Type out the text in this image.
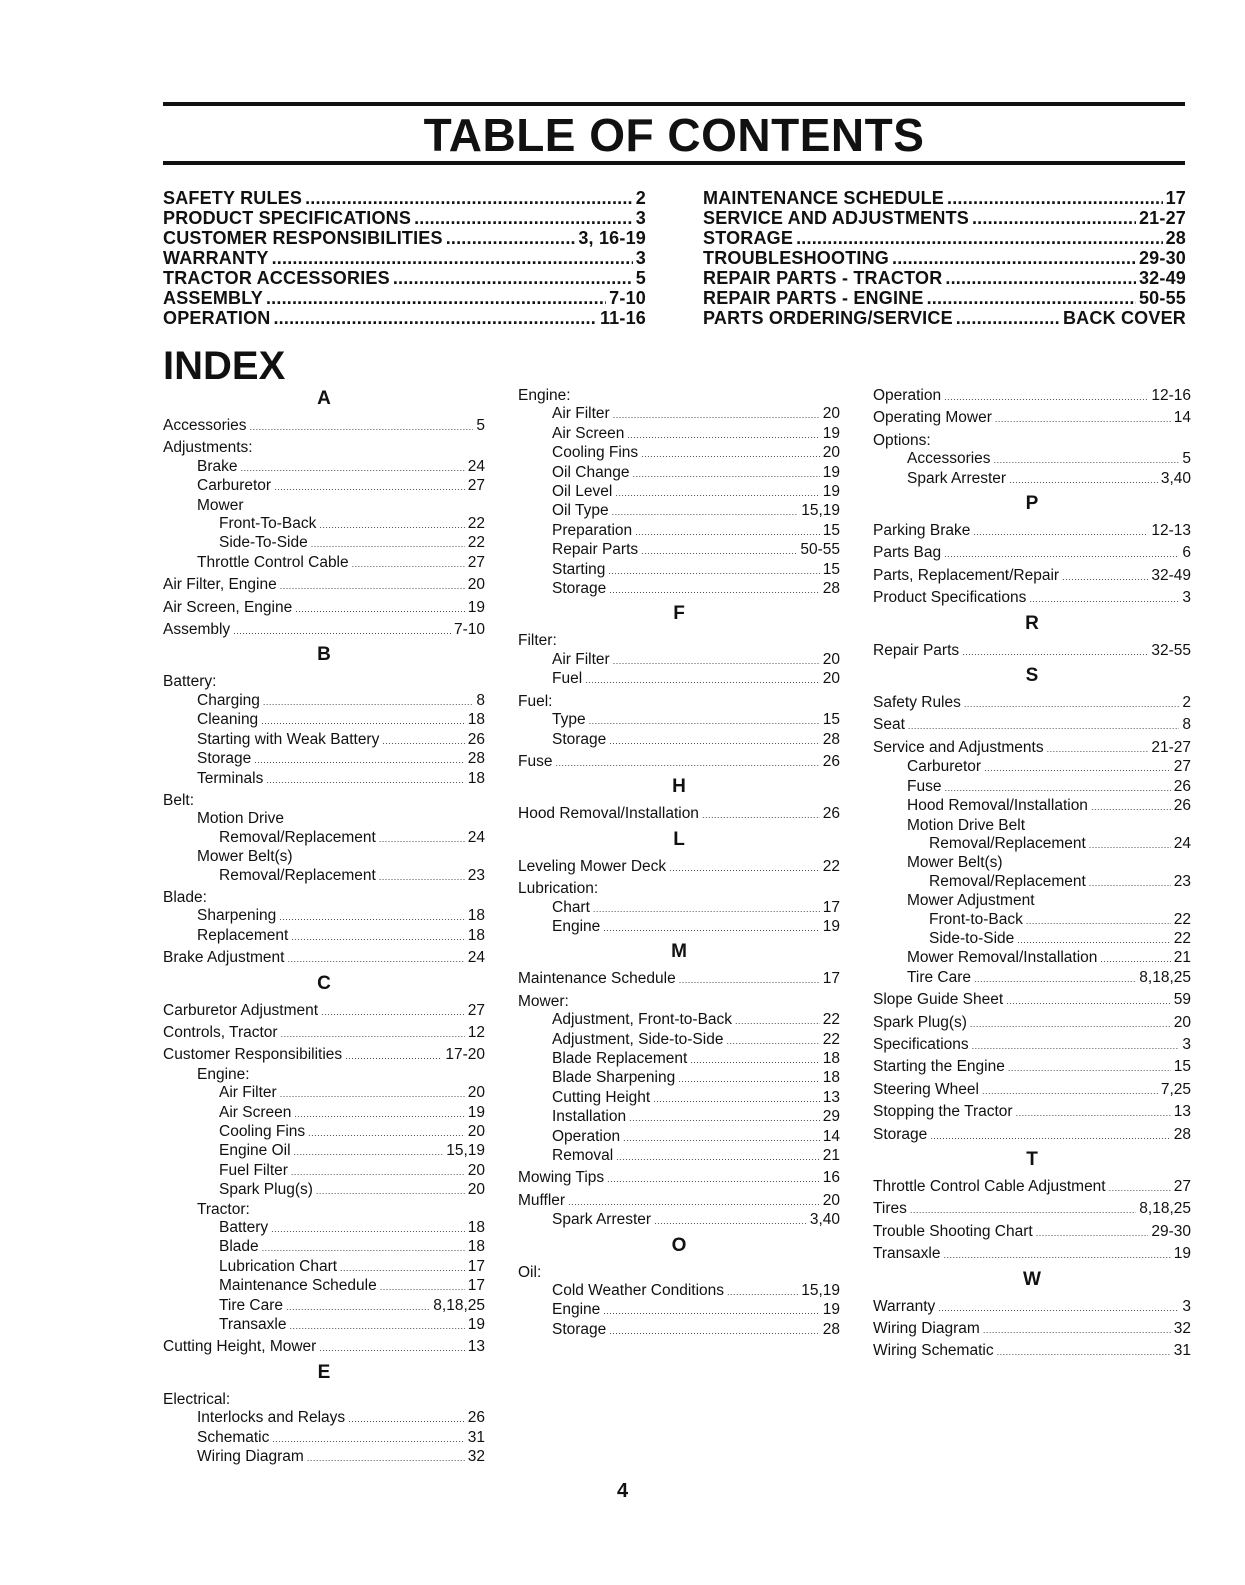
TABLE OF CONTENTS
SAFETY RULES .....	2
PRODUCT SPECIFICATIONS .....	3
CUSTOMER RESPONSIBILITIES .....	3, 16-19
WARRANTY .....	3
TRACTOR ACCESSORIES .....	5
ASSEMBLY .....	7-10
OPERATION .....	11-16
MAINTENANCE SCHEDULE .....	17
SERVICE AND ADJUSTMENTS .....	21-27
STORAGE .....	28
TROUBLESHOOTING .....	29-30
REPAIR PARTS - TRACTOR .....	32-49
REPAIR PARTS - ENGINE .....	50-55
PARTS ORDERING/SERVICE .....	BACK COVER
INDEX
A
Accessories .....	5
Adjustments:
Brake .....	24
Carburetor .....	27
Mower
Front-To-Back .....	22
Side-To-Side .....	22
Throttle Control Cable .....	27
Air Filter, Engine .....	20
Air Screen, Engine .....	19
Assembly .....	7-10
B
Battery:
Charging .....	8
Cleaning .....	18
Starting with Weak Battery .....	26
Storage .....	28
Terminals .....	18
Belt:
Motion Drive
Removal/Replacement .....	24
Mower Belt(s)
Removal/Replacement .....	23
Blade:
Sharpening .....	18
Replacement .....	18
Brake Adjustment .....	24
C
Carburetor Adjustment .....	27
Controls, Tractor .....	12
Customer Responsibilities .....	17-20
Engine:
Air Filter .....	20
Air Screen .....	19
Cooling Fins .....	20
Engine Oil .....	15,19
Fuel Filter .....	20
Spark Plug(s) .....	20
Tractor:
Battery .....	18
Blade .....	18
Lubrication Chart .....	17
Maintenance Schedule .....	17
Tire Care .....	8,18,25
Transaxle .....	19
Cutting Height, Mower .....	13
E
Electrical:
Interlocks and Relays .....	26
Schematic .....	31
Wiring Diagram .....	32
Engine:
Air Filter .....	20
Air Screen .....	19
Cooling Fins .....	20
Oil Change .....	19
Oil Level .....	19
Oil Type .....	15,19
Preparation .....	15
Repair Parts .....	50-55
Starting .....	15
Storage .....	28
F
Filter:
Air Filter .....	20
Fuel .....	20
Fuel:
Type .....	15
Storage .....	28
Fuse .....	26
H
Hood Removal/Installation .....	26
L
Leveling Mower Deck .....	22
Lubrication:
Chart .....	17
Engine .....	19
M
Maintenance Schedule .....	17
Mower:
Adjustment, Front-to-Back .....	22
Adjustment, Side-to-Side .....	22
Blade Replacement .....	18
Blade Sharpening .....	18
Cutting Height .....	13
Installation .....	29
Operation .....	14
Removal .....	21
Mowing Tips .....	16
Muffler .....	20
Spark Arrester .....	3,40
O
Oil:
Cold Weather Conditions .....	15,19
Engine .....	19
Storage .....	28
Operation .....	12-16
Operating Mower .....	14
Options:
Accessories .....	5
Spark Arrester .....	3,40
P
Parking Brake .....	12-13
Parts Bag .....	6
Parts, Replacement/Repair .....	32-49
Product Specifications .....	3
R
Repair Parts .....	32-55
S
Safety Rules .....	2
Seat .....	8
Service and Adjustments .....	21-27
Carburetor .....	27
Fuse .....	26
Hood Removal/Installation .....	26
Motion Drive Belt
Removal/Replacement .....	24
Mower Belt(s)
Removal/Replacement .....	23
Mower Adjustment
Front-to-Back .....	22
Side-to-Side .....	22
Mower Removal/Installation .....	21
Tire Care .....	8,18,25
Slope Guide Sheet .....	59
Spark Plug(s) .....	20
Specifications .....	3
Starting the Engine .....	15
Steering Wheel .....	7,25
Stopping the Tractor .....	13
Storage .....	28
T
Throttle Control Cable Adjustment .....	27
Tires .....	8,18,25
Trouble Shooting Chart .....	29-30
Transaxle .....	19
W
Warranty .....	3
Wiring Diagram .....	32
Wiring Schematic .....	31
4
